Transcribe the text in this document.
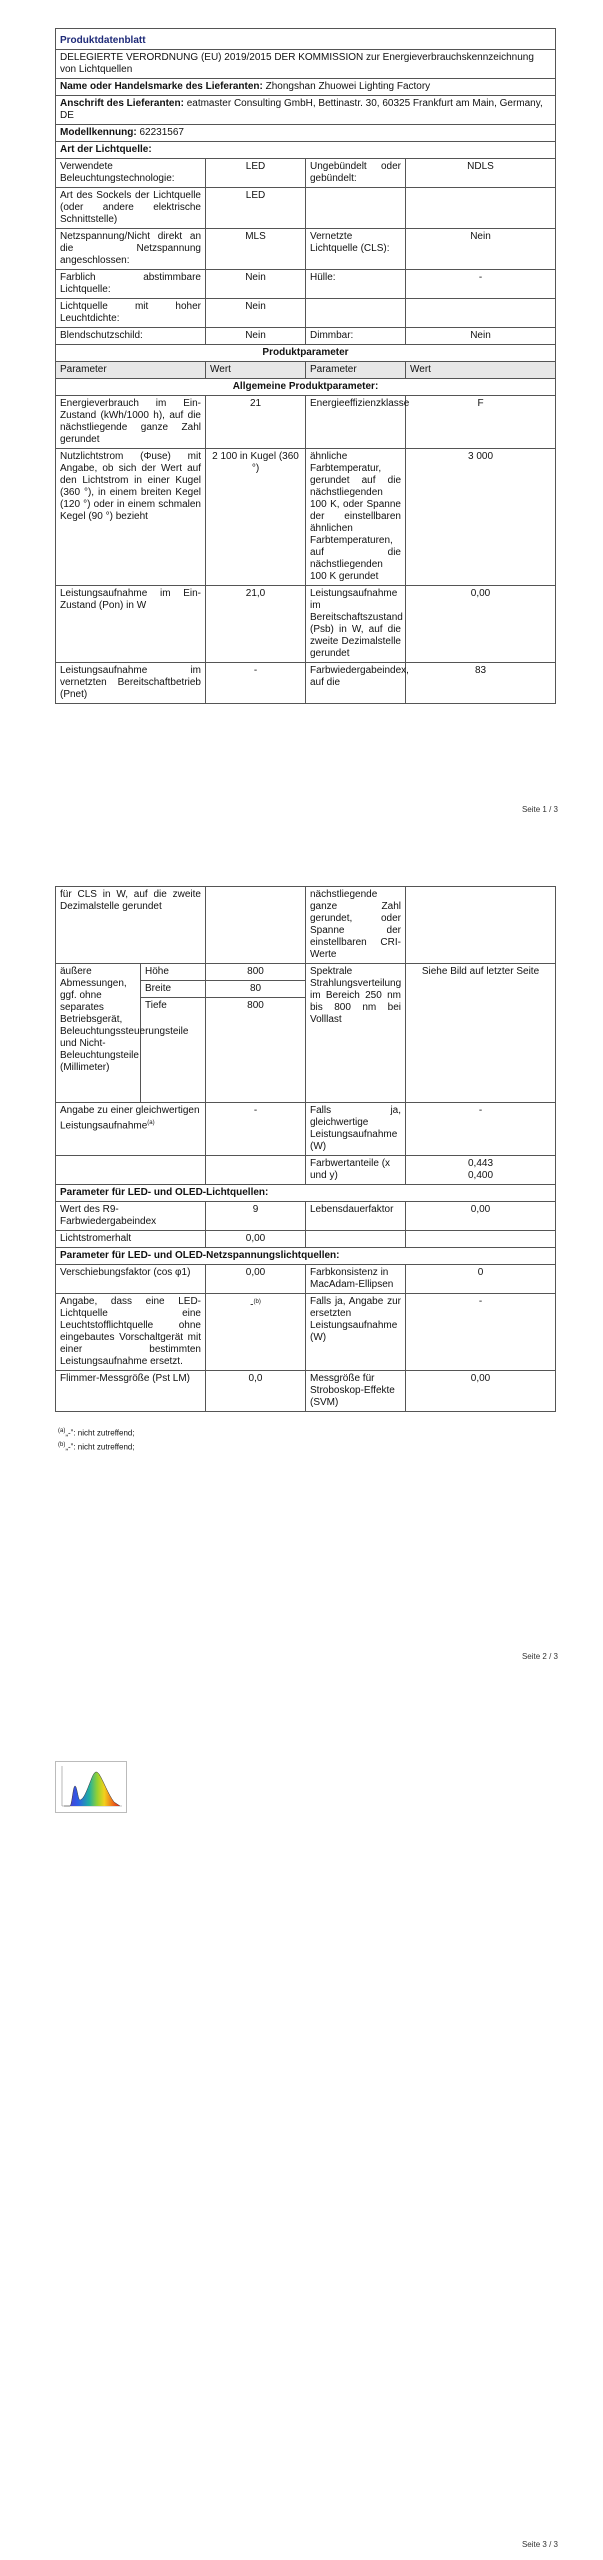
Produktdatenblatt			
DELEGIERTE VERORDNUNG (EU) 2019/2015 DER KOMMISSION zur Energieverbrauchskennzeichnung von Lichtquellen			
Name oder Handelsmarke des Lieferanten: Zhongshan Zhuowei Lighting Factory			
Anschrift des Lieferanten: eatmaster Consulting GmbH, Bettinastr. 30, 60325 Frankfurt am Main, Germany, DE			
Modellkennung: 62231567			
Art der Lichtquelle:			
Verwendete Beleuchtungstechnologie:	LED	Ungebündelt oder gebündelt:	NDLS
Art des Sockels der Lichtquelle (oder andere elektrische Schnittstelle)	LED		
Netzspannung/Nicht direkt an die Netzspannung angeschlossen:	MLS	Vernetzte Lichtquelle (CLS):	Nein
Farblich abstimmbare Lichtquelle:	Nein	Hülle:	-
Lichtquelle mit hoher Leuchtdichte:	Nein		
Blendschutzschild:	Nein	Dimmbar:	Nein
Produktparameter			
Parameter	Wert	Parameter	Wert
Allgemeine Produktparameter:			
Energieverbrauch im Ein-Zustand (kWh/1000 h), auf die nächstliegende ganze Zahl gerundet	21	Energieeffizienzklasse	F
Nutzlichtstrom (Φuse) mit Angabe, ob sich der Wert auf den Lichtstrom in einer Kugel (360 °), in einem breiten Kegel (120 °) oder in einem schmalen Kegel (90 °) bezieht	2 100 in Kugel (360 °)	ähnliche Farbtemperatur, gerundet auf die nächstliegenden 100 K, oder Spanne der einstellbaren ähnlichen Farbtemperaturen, auf die nächstliegenden 100 K gerundet	3 000
Leistungsaufnahme im Ein-Zustand (Pon) in W	21,0	Leistungsaufnahme im Bereitschaftszustand (Psb) in W, auf die zweite Dezimalstelle gerundet	0,00
Leistungsaufnahme im vernetzten Bereitschaftbetrieb (Pnet)	-	Farbwiedergabeindex, auf die	83
Seite 1 / 3
für CLS in W, auf die zweite Dezimalstelle gerundet			nächstliegende ganze Zahl gerundet, oder Spanne der einstellbaren CRI-Werte	
äußere Abmessungen, ggf. ohne separates Betriebsgerät, Beleuchtungssteuerungsteile und Nicht-Beleuchtungsteile (Millimeter)	Höhe	800	Spektrale Strahlungsverteilung im Bereich 250 nm bis 800 nm bei Volllast	Siehe Bild auf letzter Seite
	Breite	80		
	Tiefe	800		
Angabe zu einer gleichwertigen Leistungsaufnahme$^{(a)}$		-	Falls ja, gleichwertige Leistungsaufnahme (W)	-
			Farbwertanteile (x und y)	0,443
0,400

Parameter für LED- und OLED-Lichtquellen:				
Wert des R9-Farbwiedergabeindex		9	Lebensdauerfaktor	0,00
Lichtstromerhalt		0,00		
Parameter für LED- und OLED-Netzspannungslichtquellen:				
Verschiebungsfaktor (cos φ1)		0,00	Farbkonsistenz in MacAdam-Ellipsen	0
Angabe, dass eine LED-Lichtquelle eine Leuchtstofflichtquelle ohne eingebautes Vorschaltgerät mit einer bestimmten Leistungsaufnahme ersetzt.		-$^{(b)}$	Falls ja, Angabe zur ersetzten Leistungsaufnahme (W)	-
Flimmer-Messgröße (Pst LM)		0,0	Messgröße für Stroboskop-Effekte (SVM)	0,00
$^{(a)}$„-”: nicht zutreffend;
$^{(b)}$„-”: nicht zutreffend;
Seite 2 / 3
Seite 3 / 3
